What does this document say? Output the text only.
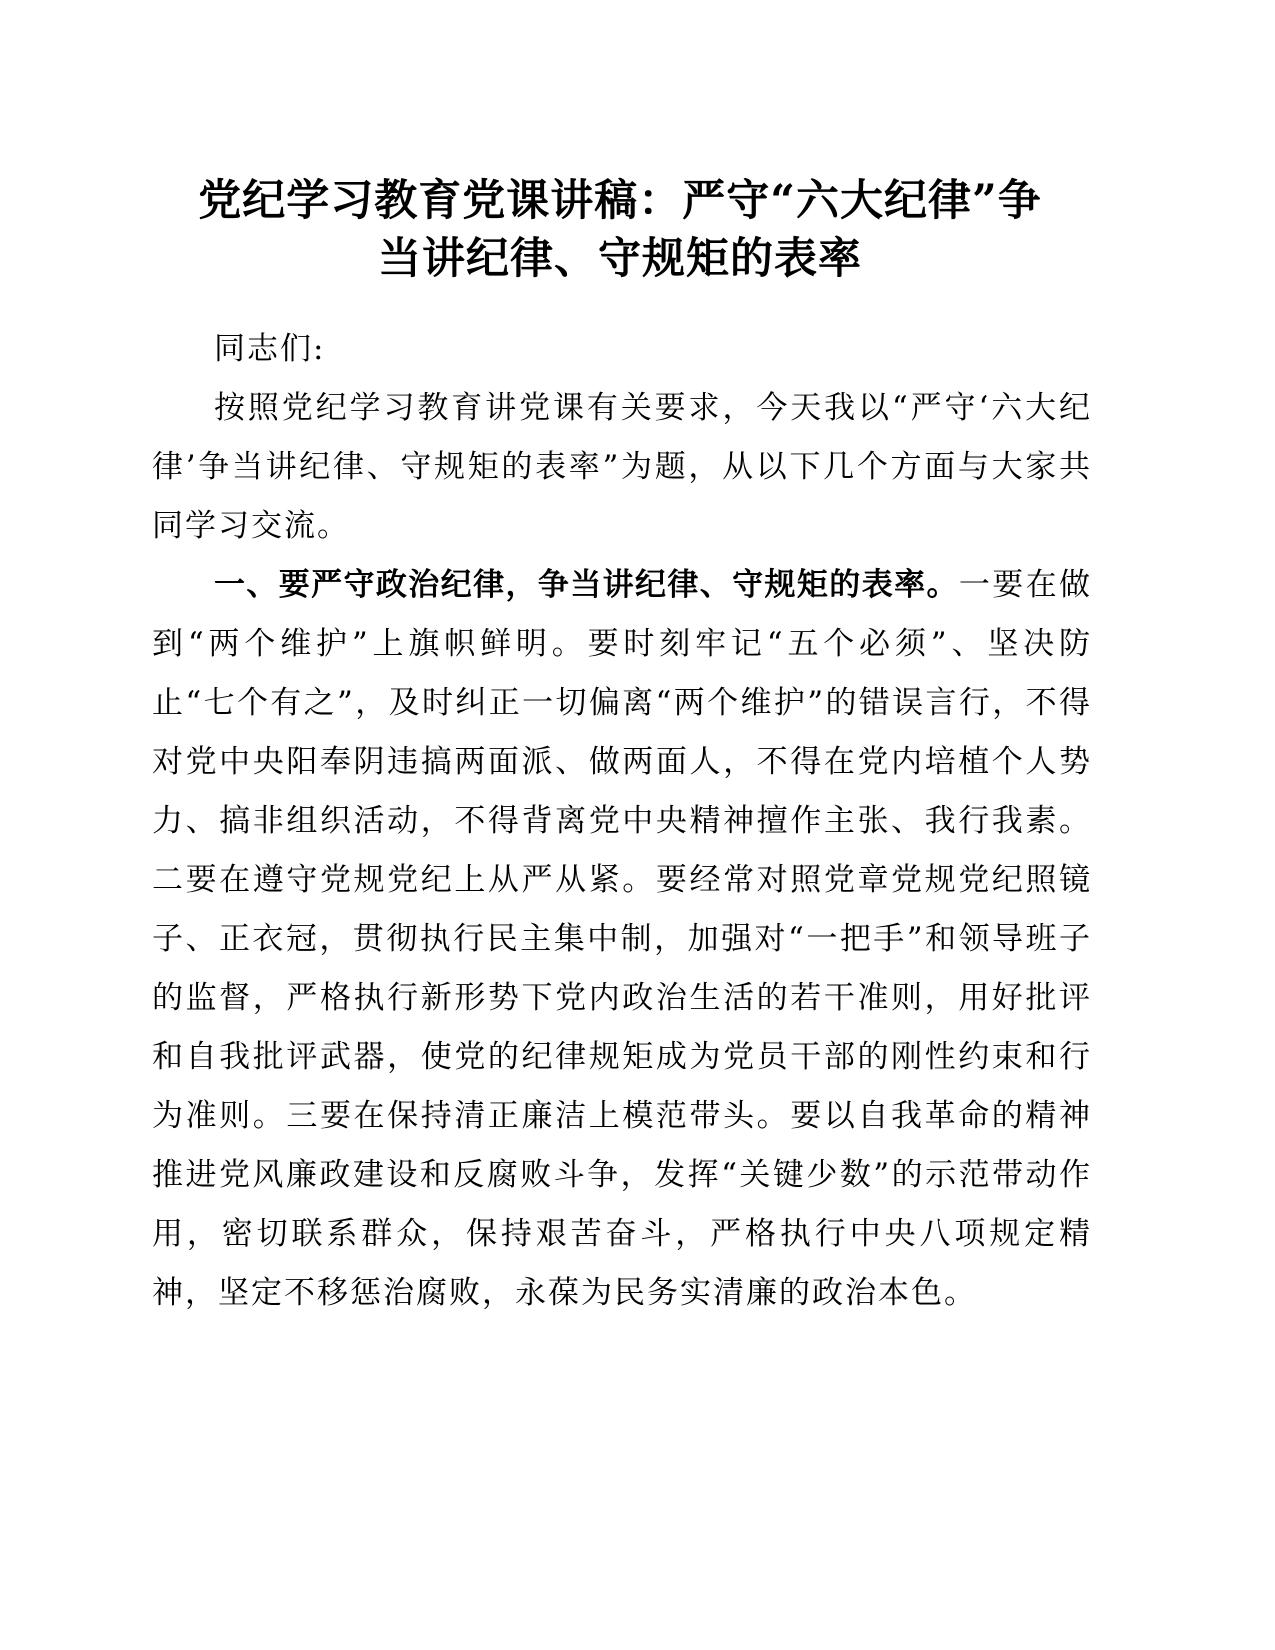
党纪学习教育党课讲稿：严守“六大纪律”争
当讲纪律、守规矩的表率

同志们:

按照党纪学习教育讲党课有关要求，今天我以“严守‘六大纪律’争当讲纪律、守规矩的表率”为题，从以下几个方面与大家共同学习交流。

一、要严守政治纪律，争当讲纪律、守规矩的表率。一要在做到“两个维护”上旗帜鲜明。要时刻牢记“五个必须”、坚决防止“七个有之”，及时纠正一切偏离“两个维护”的错误言行，不得对党中央阳奉阴违搞两面派、做两面人，不得在党内培植个人势力、搞非组织活动，不得背离党中央精神擅作主张、我行我素。二要在遵守党规党纪上从严从紧。要经常对照党章党规党纪照镜子、正衣冠，贯彻执行民主集中制，加强对“一把手”和领导班子的监督，严格执行新形势下党内政治生活的若干准则，用好批评和自我批评武器，使党的纪律规矩成为党员干部的刚性约束和行为准则。三要在保持清正廉洁上模范带头。要以自我革命的精神推进党风廉政建设和反腐败斗争，发挥“关键少数”的示范带动作用，密切联系群众，保持艰苦奋斗，严格执行中央八项规定精神，坚定不移惩治腐败，永葆为民务实清廉的政治本色。
